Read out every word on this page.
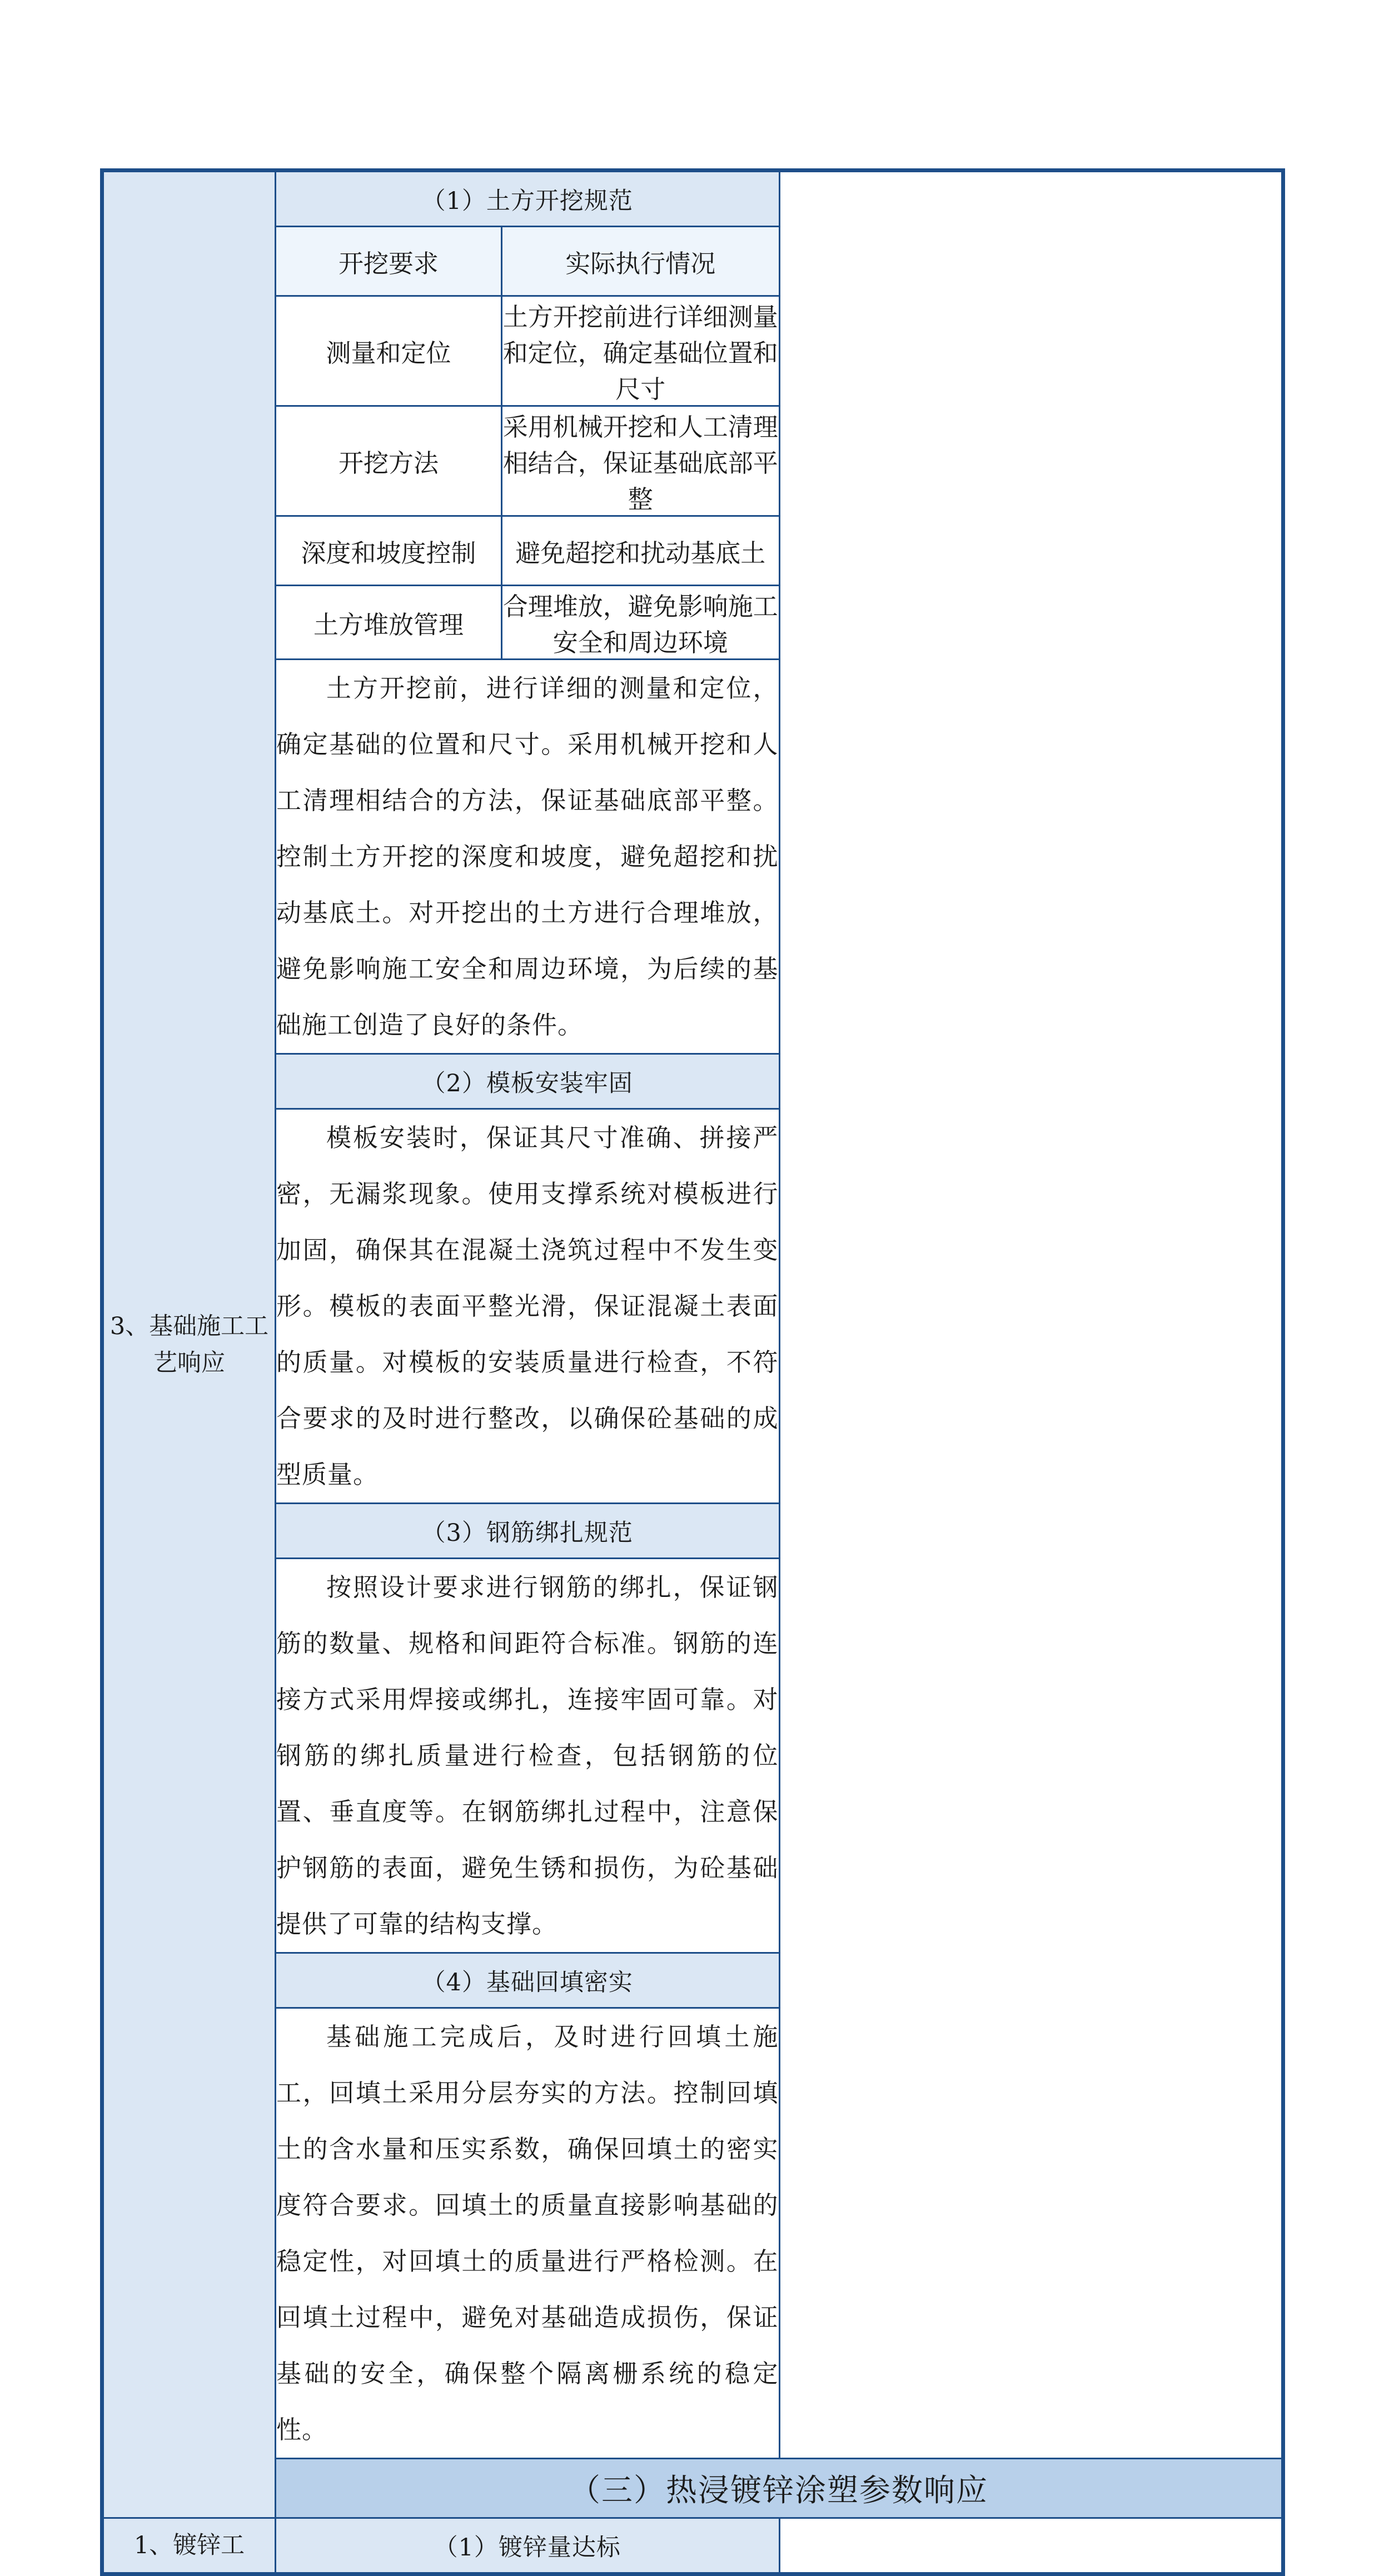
3、基础施工工艺响应	（1）土方开挖规范

开挖要求	实际执行情况
测量和定位	土方开挖前进行详细测量和定位，确定基础位置和尺寸
开挖方法	采用机械开挖和人工清理相结合，保证基础底部平整
深度和坡度控制	避免超挖和扰动基底土
土方堆放管理	合理堆放，避免影响施工安全和周边环境

土方开挖前，进行详细的测量和定位，确定基础的位置和尺寸。采用机械开挖和人工清理相结合的方法，保证基础底部平整。控制土方开挖的深度和坡度，避免超挖和扰动基底土。对开挖出的土方进行合理堆放，避免影响施工安全和周边环境，为后续的基础施工创造了良好的条件。
（2）模板安装牢固
模板安装时，保证其尺寸准确、拼接严密，无漏浆现象。使用支撑系统对模板进行加固，确保其在混凝土浇筑过程中不发生变形。模板的表面平整光滑，保证混凝土表面的质量。对模板的安装质量进行检查，不符合要求的及时进行整改，以确保砼基础的成型质量。
（3）钢筋绑扎规范
按照设计要求进行钢筋的绑扎，保证钢筋的数量、规格和间距符合标准。钢筋的连接方式采用焊接或绑扎，连接牢固可靠。对钢筋的绑扎质量进行检查，包括钢筋的位置、垂直度等。在钢筋绑扎过程中，注意保护钢筋的表面，避免生锈和损伤，为砼基础提供了可靠的结构支撑。
（4）基础回填密实
基础施工完成后，及时进行回填土施工，回填土采用分层夯实的方法。控制回填土的含水量和压实系数，确保回填土的密实度符合要求。回填土的质量直接影响基础的稳定性，对回填土的质量进行严格检测。在回填土过程中，避免对基础造成损伤，保证基础的安全，确保整个隔离栅系统的稳定性。
（三）热浸镀锌涂塑参数响应
1、镀锌工	（1）镀锌量达标
